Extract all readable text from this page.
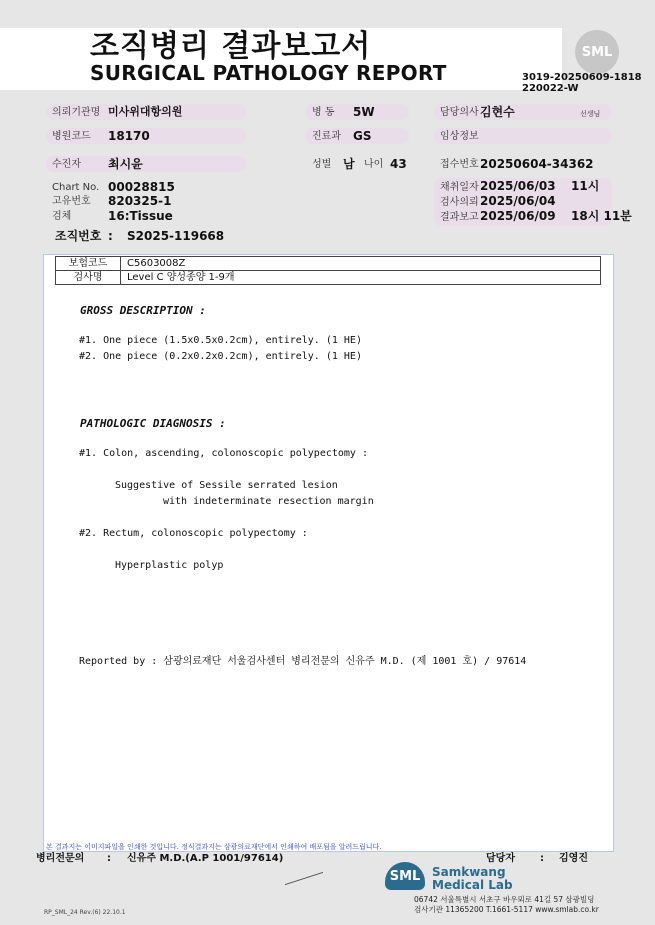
조직병리 결과보고서
SURGICAL PATHOLOGY REPORT
SML
3019-20250609-1818
220022-W
의뢰기관명 미사위대항의원	병 동 5W	담당의사 김현수	선생님
병원코드 18170	진료과 GS	임상정보
수진자 최시윤	성별 남 나이 43	접수번호 20250604-34362
Chart No. 00028815
고유번호 820325-1
검체	16:Tissue
채취일자 2025/06/03 11시
검사의뢰 2025/06/04
결과보고 2025/06/09 18시 11분
조직번호 : S2025-119668
보험코드	C5603008Z
검사명	Level C 양성종양 1-9개
GROSS DESCRIPTION :
#1. One piece (1.5x0.5x0.2cm), entirely. (1 HE)
#2. One piece (0.2x0.2x0.2cm), entirely. (1 HE)
PATHOLOGIC DIAGNOSIS :
#1. Colon, ascending, colonoscopic polypectomy :
Suggestive of Sessile serrated lesion
with indeterminate resection margin
#2. Rectum, colonoscopic polypectomy :
Hyperplastic polyp
Reported by : 삼광의료재단 서울검사센터 병리전문의 신유주 M.D. (제 1001 호) / 97614
본 결과지는 이미지파일을 인쇄한 것입니다. 정식결과지는 삼광의료재단에서 인쇄하여 배포됨을 알려드립니다.
병리전문의 : 신유주 M.D.(A.P 1001/97614)	담당자	: 김영진
SML Samkwang
Medical Lab
06742 서울특별시 서초구 바우뫼로 41길 57 삼광빌딩
검사기관 11365200 T.1661-5117 www.smlab.co.kr
RP_SML_24 Rev.(6) 22.10.1
